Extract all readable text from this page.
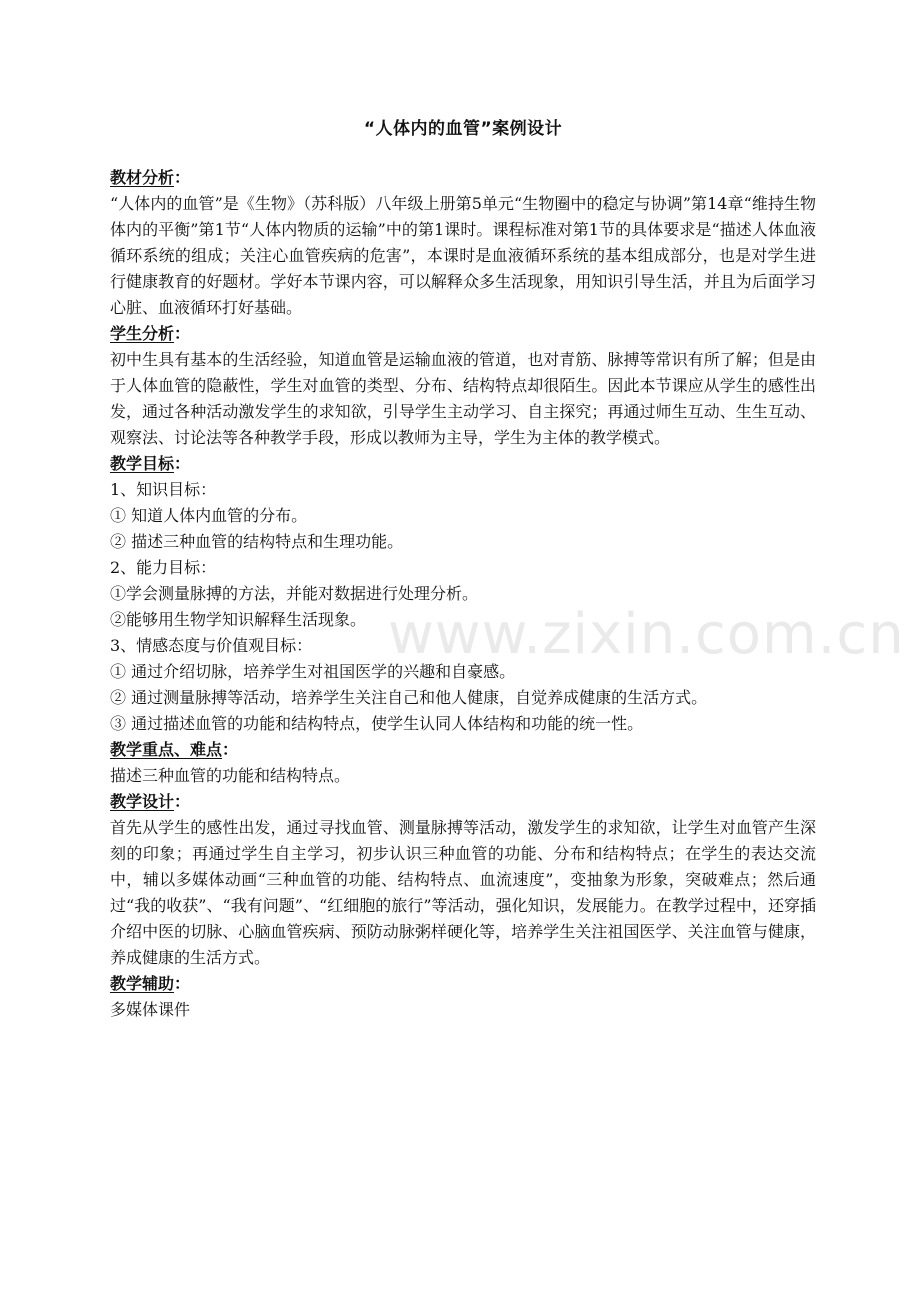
www.zixin.com.cn
“人体内的血管”案例设计

教材分析：

“人体内的血管”是《生物》（苏科版）八年级上册第5单元“生物圈中的稳定与协调”第14章“维持生物体内的平衡”第1节“人体内物质的运输”中的第1课时。课程标准对第1节的具体要求是“描述人体血液循环系统的组成；关注心血管疾病的危害”，本课时是血液循环系统的基本组成部分，也是对学生进行健康教育的好题材。学好本节课内容，可以解释众多生活现象，用知识引导生活，并且为后面学习心脏、血液循环打好基础。

学生分析：

初中生具有基本的生活经验，知道血管是运输血液的管道，也对青筋、脉搏等常识有所了解；但是由于人体血管的隐蔽性，学生对血管的类型、分布、结构特点却很陌生。因此本节课应从学生的感性出发，通过各种活动激发学生的求知欲，引导学生主动学习、自主探究；再通过师生互动、生生互动、观察法、讨论法等各种教学手段，形成以教师为主导，学生为主体的教学模式。

教学目标：

1、知识目标：

① 知道人体内血管的分布。

② 描述三种血管的结构特点和生理功能。

2、能力目标：

①学会测量脉搏的方法，并能对数据进行处理分析。

②能够用生物学知识解释生活现象。

3、情感态度与价值观目标：

① 通过介绍切脉，培养学生对祖国医学的兴趣和自豪感。

② 通过测量脉搏等活动，培养学生关注自己和他人健康，自觉养成健康的生活方式。

③ 通过描述血管的功能和结构特点，使学生认同人体结构和功能的统一性。

教学重点、难点：

描述三种血管的功能和结构特点。

教学设计：

首先从学生的感性出发，通过寻找血管、测量脉搏等活动，激发学生的求知欲，让学生对血管产生深刻的印象；再通过学生自主学习，初步认识三种血管的功能、分布和结构特点；在学生的表达交流中，辅以多媒体动画“三种血管的功能、结构特点、血流速度”，变抽象为形象，突破难点；然后通过“我的收获”、“我有问题”、“红细胞的旅行”等活动，强化知识，发展能力。在教学过程中，还穿插介绍中医的切脉、心脑血管疾病、预防动脉粥样硬化等，培养学生关注祖国医学、关注血管与健康，养成健康的生活方式。

教学辅助：

多媒体课件
